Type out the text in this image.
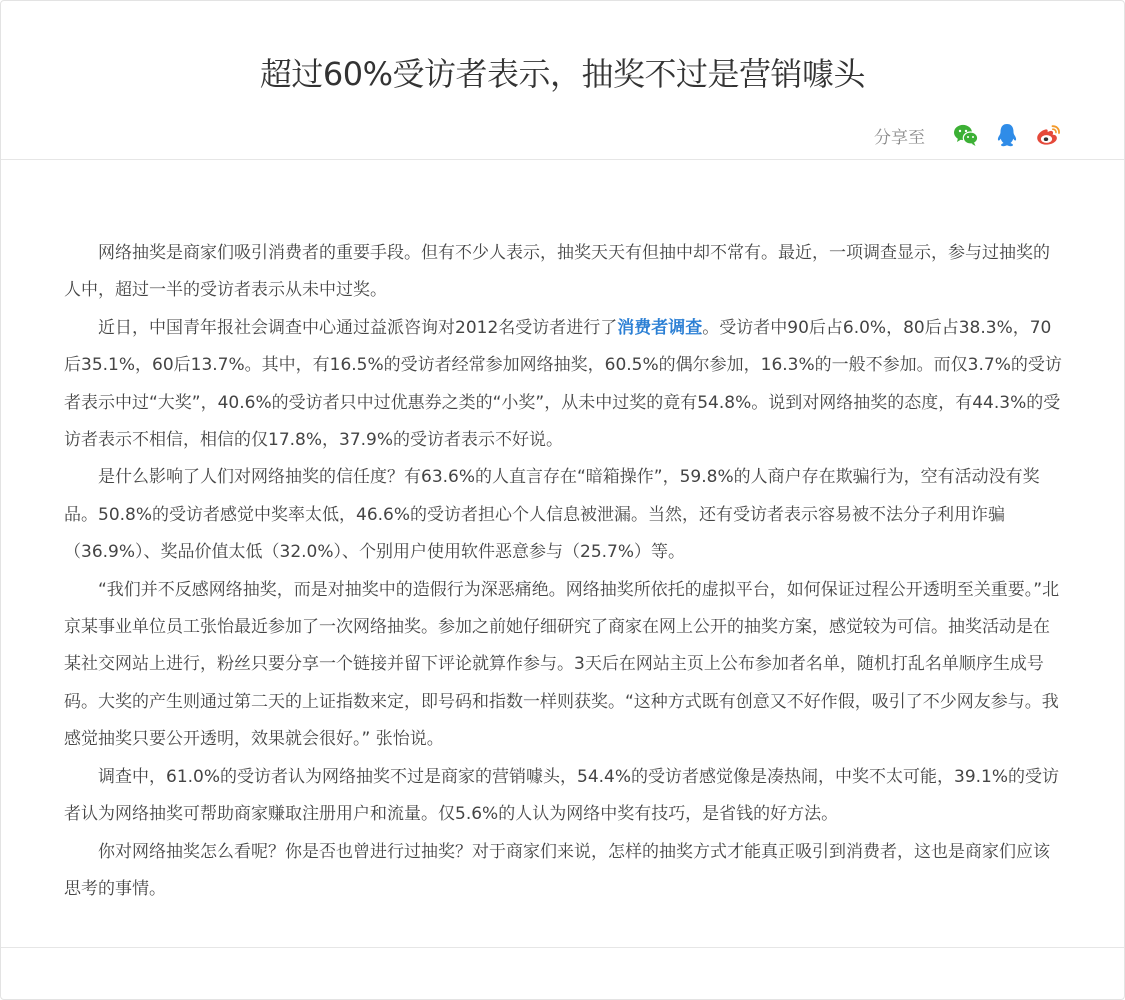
超过60%受访者表示，抽奖不过是营销噱头
分享至

网络抽奖是商家们吸引消费者的重要手段。但有不少人表示，抽奖天天有但抽中却不常有。最近，一项调查显示，参与过抽奖的人中，超过一半的受访者表示从未中过奖。

近日，中国青年报社会调查中心通过益派咨询对2012名受访者进行了消费者调查。受访者中90后占6.0%，80后占38.3%，70后35.1%，60后13.7%。其中，有16.5%的受访者经常参加网络抽奖，60.5%的偶尔参加，16.3%的一般不参加。而仅3.7%的受访者表示中过“大奖”，40.6%的受访者只中过优惠券之类的“小奖”，从未中过奖的竟有54.8%。说到对网络抽奖的态度，有44.3%的受访者表示不相信，相信的仅17.8%，37.9%的受访者表示不好说。

是什么影响了人们对网络抽奖的信任度？有63.6%的人直言存在“暗箱操作”，59.8%的人商户存在欺骗行为，空有活动没有奖品。50.8%的受访者感觉中奖率太低，46.6%的受访者担心个人信息被泄漏。当然，还有受访者表示容易被不法分子利用诈骗（36.9%）、奖品价值太低（32.0%）、个别用户使用软件恶意参与（25.7%）等。

“我们并不反感网络抽奖，而是对抽奖中的造假行为深恶痛绝。网络抽奖所依托的虚拟平台，如何保证过程公开透明至关重要。”北京某事业单位员工张怡最近参加了一次网络抽奖。参加之前她仔细研究了商家在网上公开的抽奖方案，感觉较为可信。抽奖活动是在某社交网站上进行，粉丝只要分享一个链接并留下评论就算作参与。3天后在网站主页上公布参加者名单，随机打乱名单顺序生成号码。大奖的产生则通过第二天的上证指数来定，即号码和指数一样则获奖。“这种方式既有创意又不好作假，吸引了不少网友参与。我感觉抽奖只要公开透明，效果就会很好。” 张怡说。

调查中，61.0%的受访者认为网络抽奖不过是商家的营销噱头，54.4%的受访者感觉像是凑热闹，中奖不太可能，39.1%的受访者认为网络抽奖可帮助商家赚取注册用户和流量。仅5.6%的人认为网络中奖有技巧，是省钱的好方法。

你对网络抽奖怎么看呢？你是否也曾进行过抽奖？对于商家们来说，怎样的抽奖方式才能真正吸引到消费者，这也是商家们应该思考的事情。
